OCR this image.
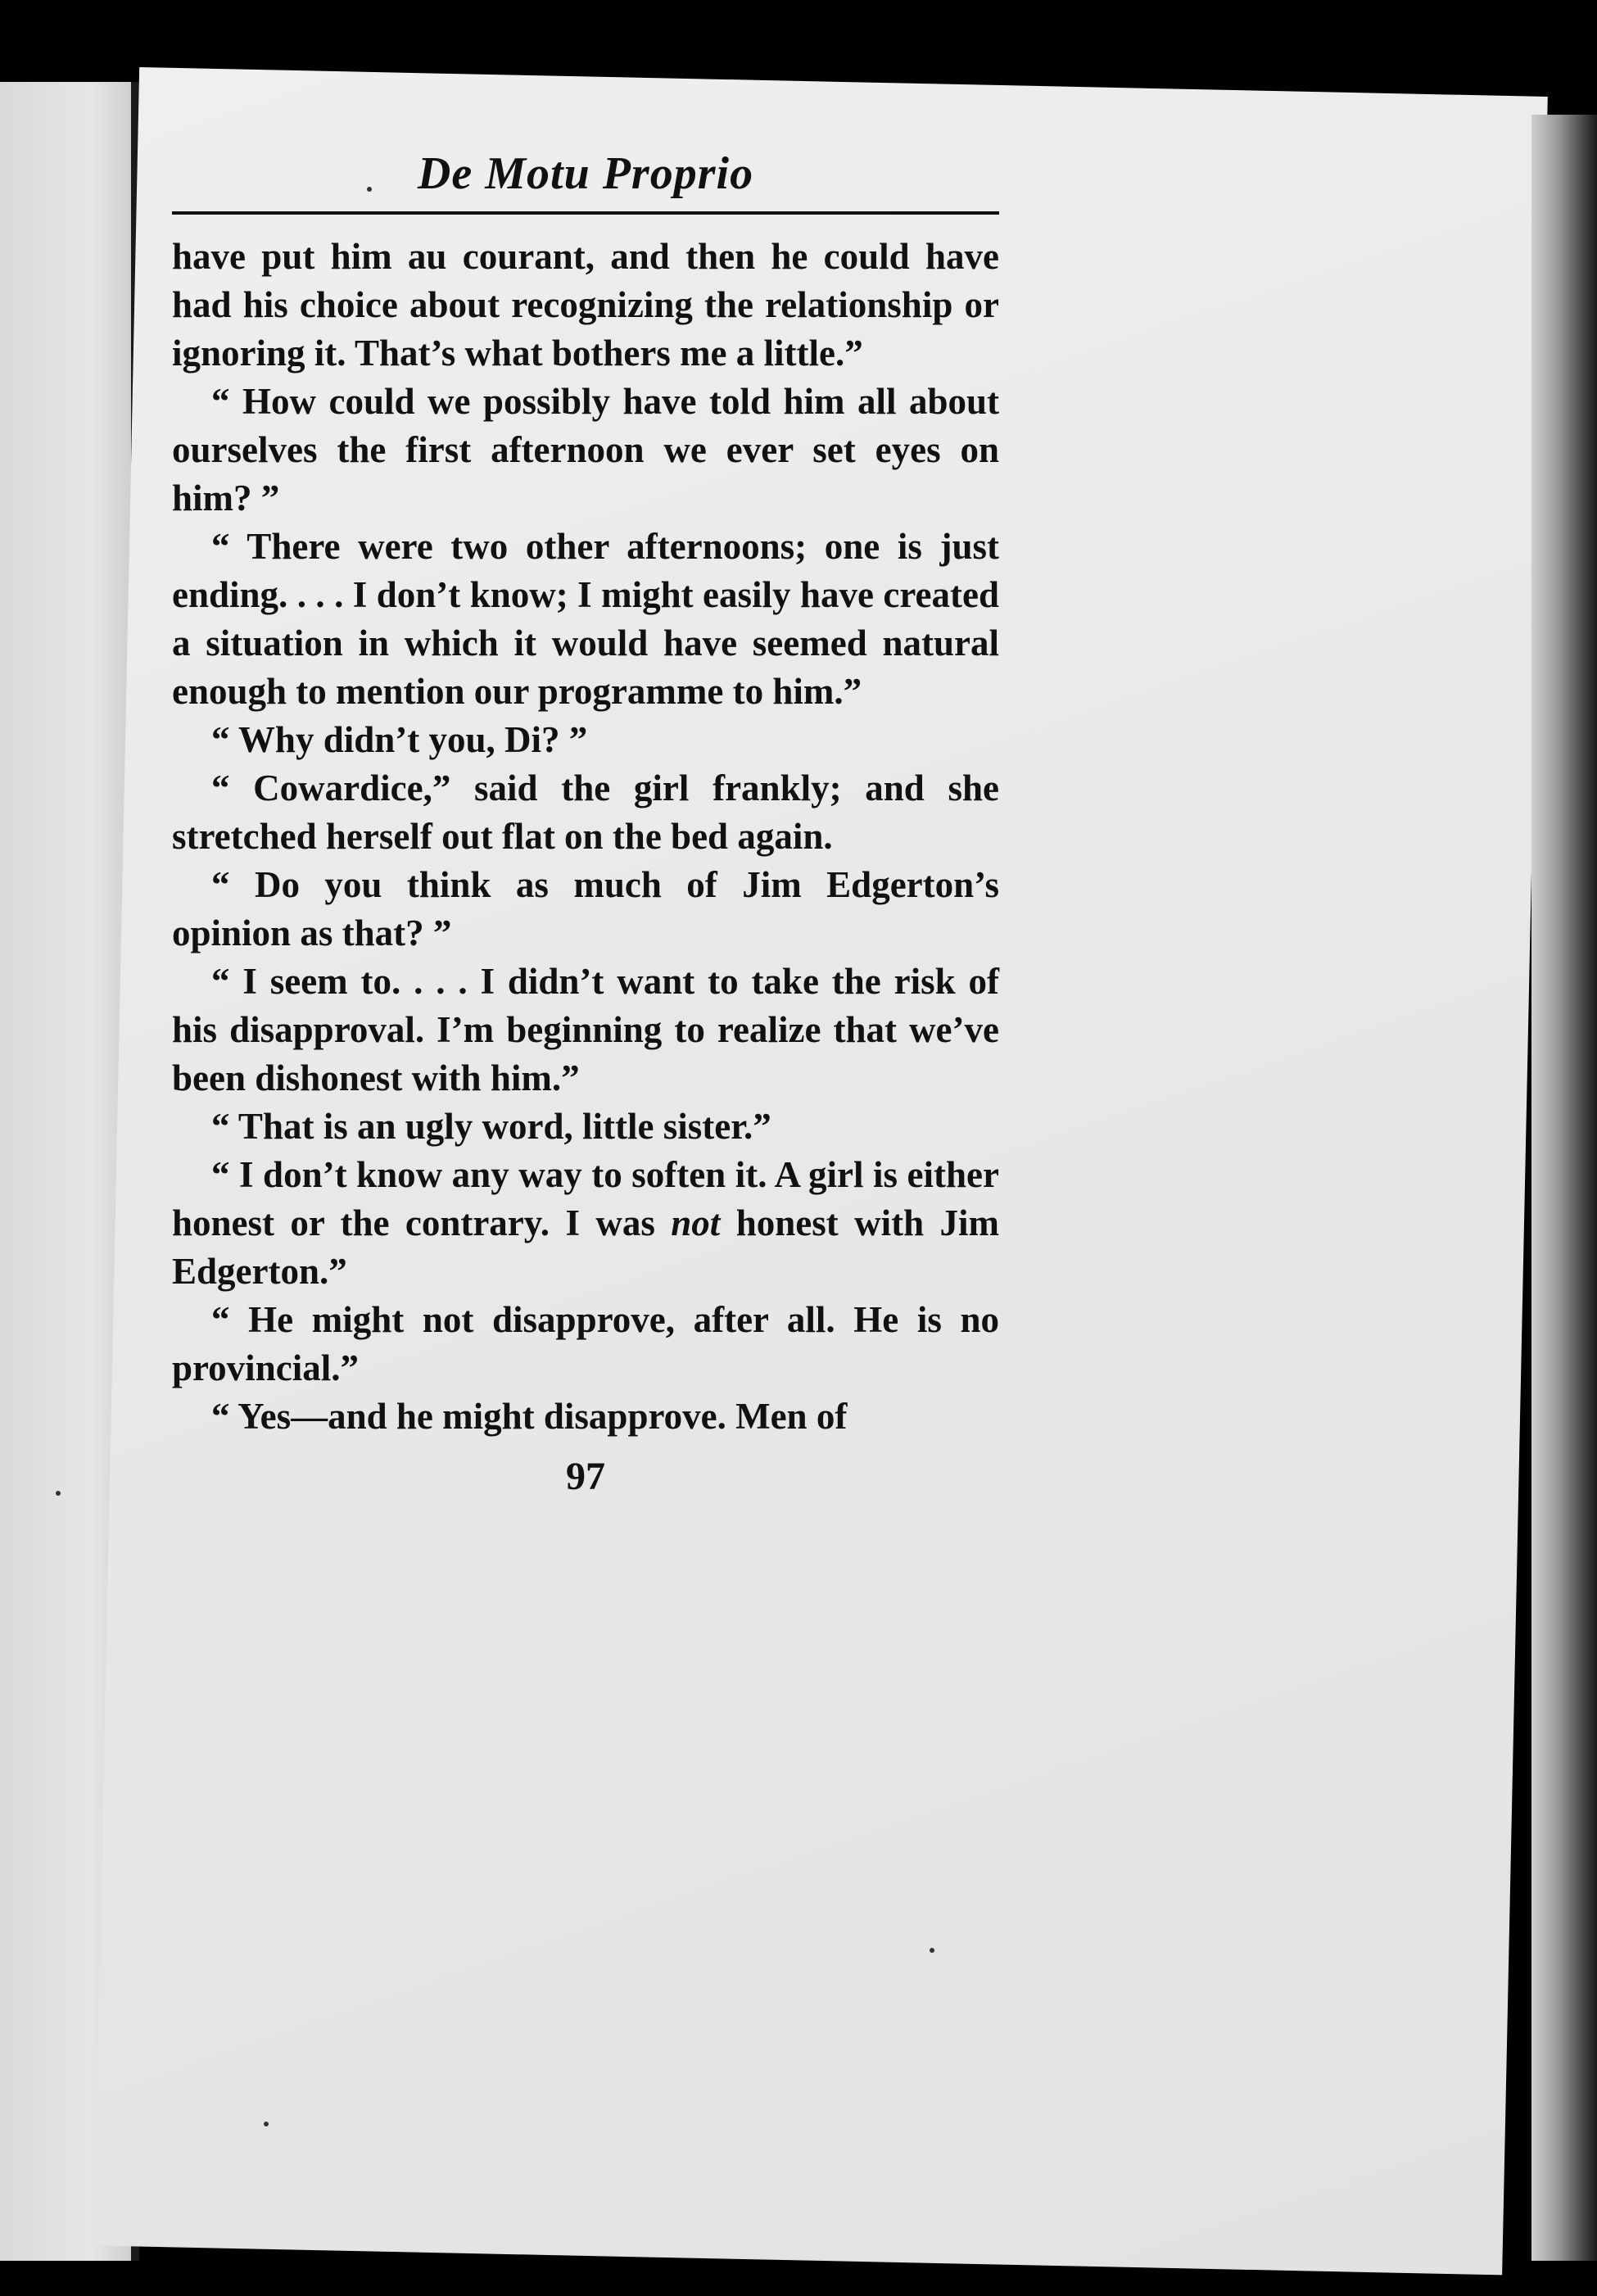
De Motu Proprio

have put him au courant, and then he could have had his choice about recognizing the relationship or ignoring it. That’s what bothers me a little.”

“ How could we possibly have told him all about ourselves the first afternoon we ever set eyes on him? ”

“ There were two other afternoons; one is just ending. . . . I don’t know; I might easily have created a situation in which it would have seemed natural enough to mention our programme to him.”

“ Why didn’t you, Di? ”

“ Cowardice,” said the girl frankly; and she stretched herself out flat on the bed again.

“ Do you think as much of Jim Edgerton’s opinion as that? ”

“ I seem to. . . . I didn’t want to take the risk of his disapproval. I’m beginning to realize that we’ve been dishonest with him.”

“ That is an ugly word, little sister.”

“ I don’t know any way to soften it. A girl is either honest or the contrary. I was not honest with Jim Edgerton.”

“ He might not disapprove, after all. He is no provincial.”

“ Yes—and he might disapprove. Men of

97
